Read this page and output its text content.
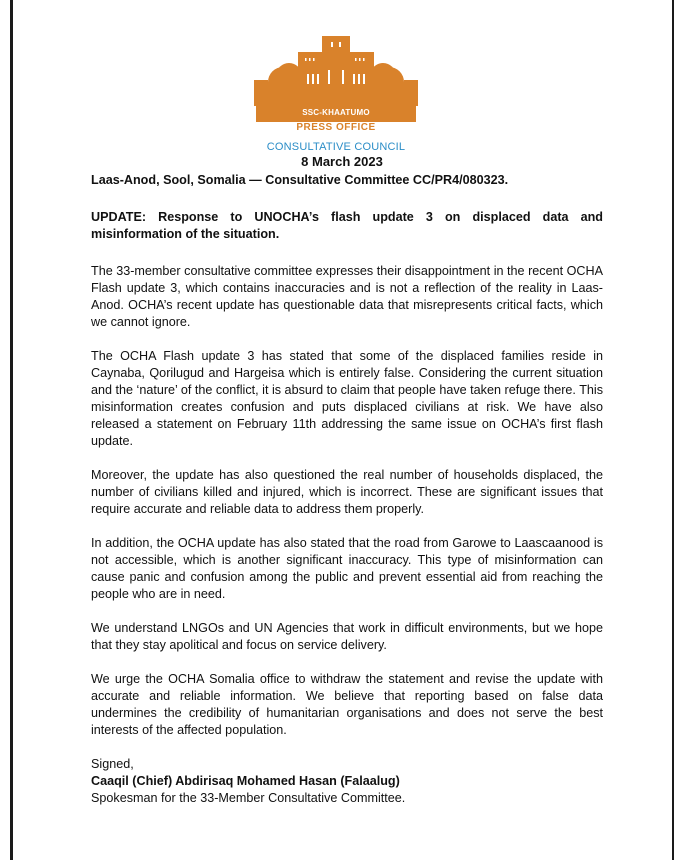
SSC-KHAATUMO
PRESS OFFICE
CONSULTATIVE COUNCIL
8 March 2023

Laas-Anod, Sool, Somalia — Consultative Committee CC/PR4/080323.

UPDATE: Response to UNOCHA’s flash update 3 on displaced data and misinformation of the situation.

The 33-member consultative committee expresses their disappointment in the recent OCHA Flash update 3, which contains inaccuracies and is not a reflection of the reality in Laas-Anod. OCHA’s recent update has questionable data that misrepresents critical facts, which we cannot ignore.

The OCHA Flash update 3 has stated that some of the displaced families reside in Caynaba, Qorilugud and Hargeisa which is entirely false. Considering the current situation and the ‘nature’ of the conflict, it is absurd to claim that people have taken refuge there. This misinformation creates confusion and puts displaced civilians at risk. We have also released a statement on February 11th addressing the same issue on OCHA’s first flash update.

Moreover, the update has also questioned the real number of households displaced, the number of civilians killed and injured, which is incorrect. These are significant issues that require accurate and reliable data to address them properly.

In addition, the OCHA update has also stated that the road from Garowe to Laascaanood is not accessible, which is another significant inaccuracy. This type of misinformation can cause panic and confusion among the public and prevent essential aid from reaching the people who are in need.

We understand LNGOs and UN Agencies that work in difficult environments, but we hope that they stay apolitical and focus on service delivery.

We urge the OCHA Somalia office to withdraw the statement and revise the update with accurate and reliable information. We believe that reporting based on false data undermines the credibility of humanitarian organisations and does not serve the best interests of the affected population.

Signed,
Caaqil (Chief) Abdirisaq Mohamed Hasan (Falaalug)
Spokesman for the 33-Member Consultative Committee.
